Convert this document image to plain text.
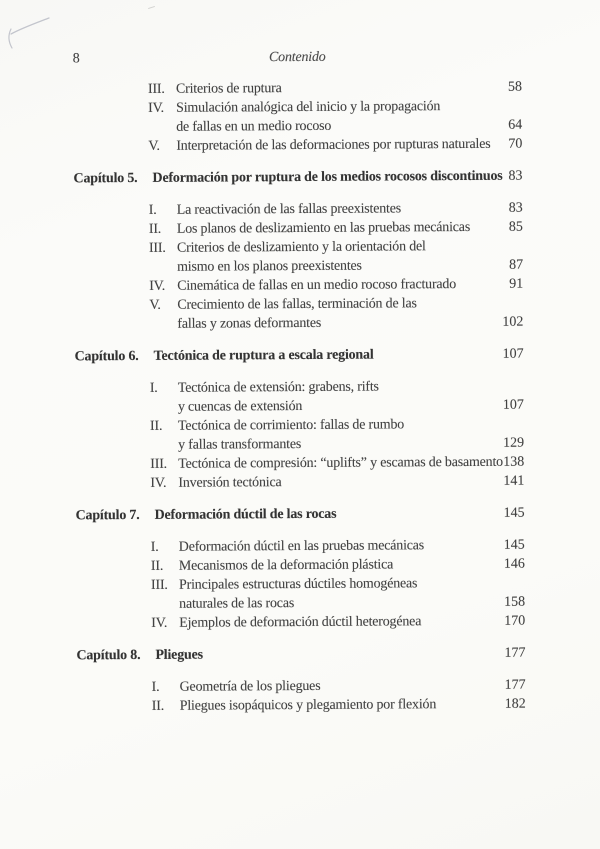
8	Contenido
III. Criterios de ruptura	58
IV. Simulación analógica del inicio y la propagación de fallas en un medio rocoso	64
V.	Interpretación de las deformaciones por rupturas naturales	70
Capítulo 5.	Deformación por ruptura de los medios rocosos discontinuos 83
I.	La reactivación de las fallas preexistentes	83
II.	Los planos de deslizamiento en las pruebas mecánicas	85
III. Criterios de deslizamiento y la orientación del mismo en los planos preexistentes	87
IV. Cinemática de fallas en un medio rocoso fracturado	91
V.	Crecimiento de las fallas, terminación de las fallas y zonas deformantes	102
Capítulo 6.	Tectónica de ruptura a escala regional	107
I.	Tectónica de extensión: grabens, rifts y cuencas de extensión	107
II.	Tectónica de corrimiento: fallas de rumbo y fallas transformantes	129
III. Tectónica de compresión: “uplifts” y escamas de basamento 138
IV. Inversión tectónica	141
Capítulo 7.	Deformación dúctil de las rocas	145
I.	Deformación dúctil en las pruebas mecánicas	145
II.	Mecanismos de la deformación plástica	146
III. Principales estructuras dúctiles homogéneas naturales de las rocas	158
IV. Ejemplos de deformación dúctil heterogénea	170
Capítulo 8.	Pliegues	177
I.	Geometría de los pliegues	177
II.	Pliegues isopáquicos y plegamiento por flexión	182
